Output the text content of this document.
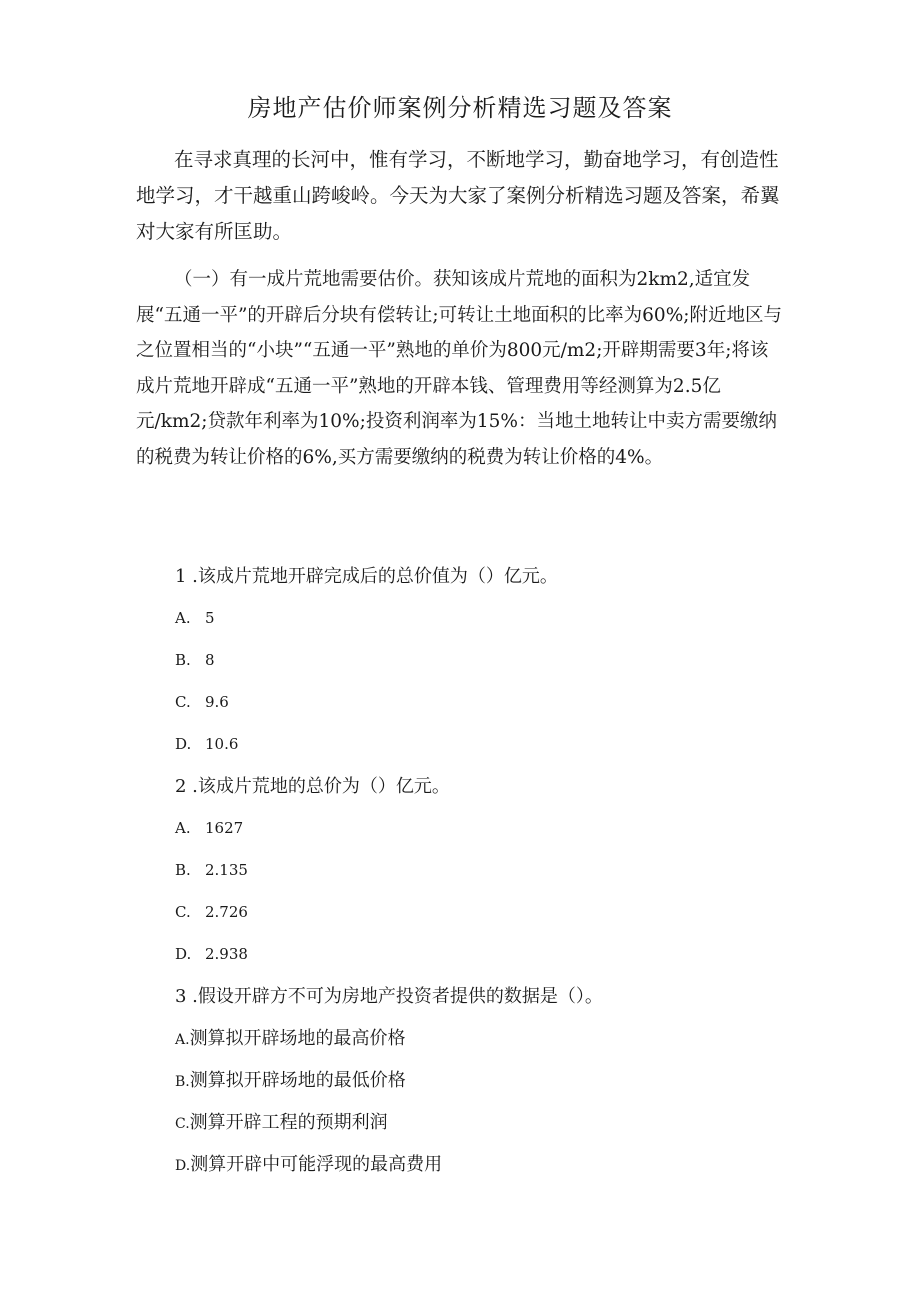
房地产估价师案例分析精选习题及答案

在寻求真理的长河中，惟有学习，不断地学习，勤奋地学习，有创造性地学习，才干越重山跨峻岭。今天为大家了案例分析精选习题及答案，希翼对大家有所匡助。

（一）有一成片荒地需要估价。获知该成片荒地的面积为2km2,适宜发展“五通一平”的开辟后分块有偿转让;可转让土地面积的比率为60%;附近地区与之位置相当的“小块”“五通一平”熟地的单价为800元/m2;开辟期需要3年;将该成片荒地开辟成“五通一平”熟地的开辟本钱、管理费用等经测算为2.5亿元/km2;贷款年利率为10%;投资利润率为15%：当地土地转让中卖方需要缴纳的税费为转让价格的6%,买方需要缴纳的税费为转让价格的4%。

1 .该成片荒地开辟完成后的总价值为（）亿元。
A. 5
B. 8
C. 9.6
D. 10.6
2 .该成片荒地的总价为（）亿元。
A. 1627
B. 2.135
C. 2.726
D. 2.938
3 .假设开辟方不可为房地产投资者提供的数据是（）。
A.测算拟开辟场地的最高价格
B.测算拟开辟场地的最低价格
C.测算开辟工程的预期利润
D.测算开辟中可能浮现的最高费用
